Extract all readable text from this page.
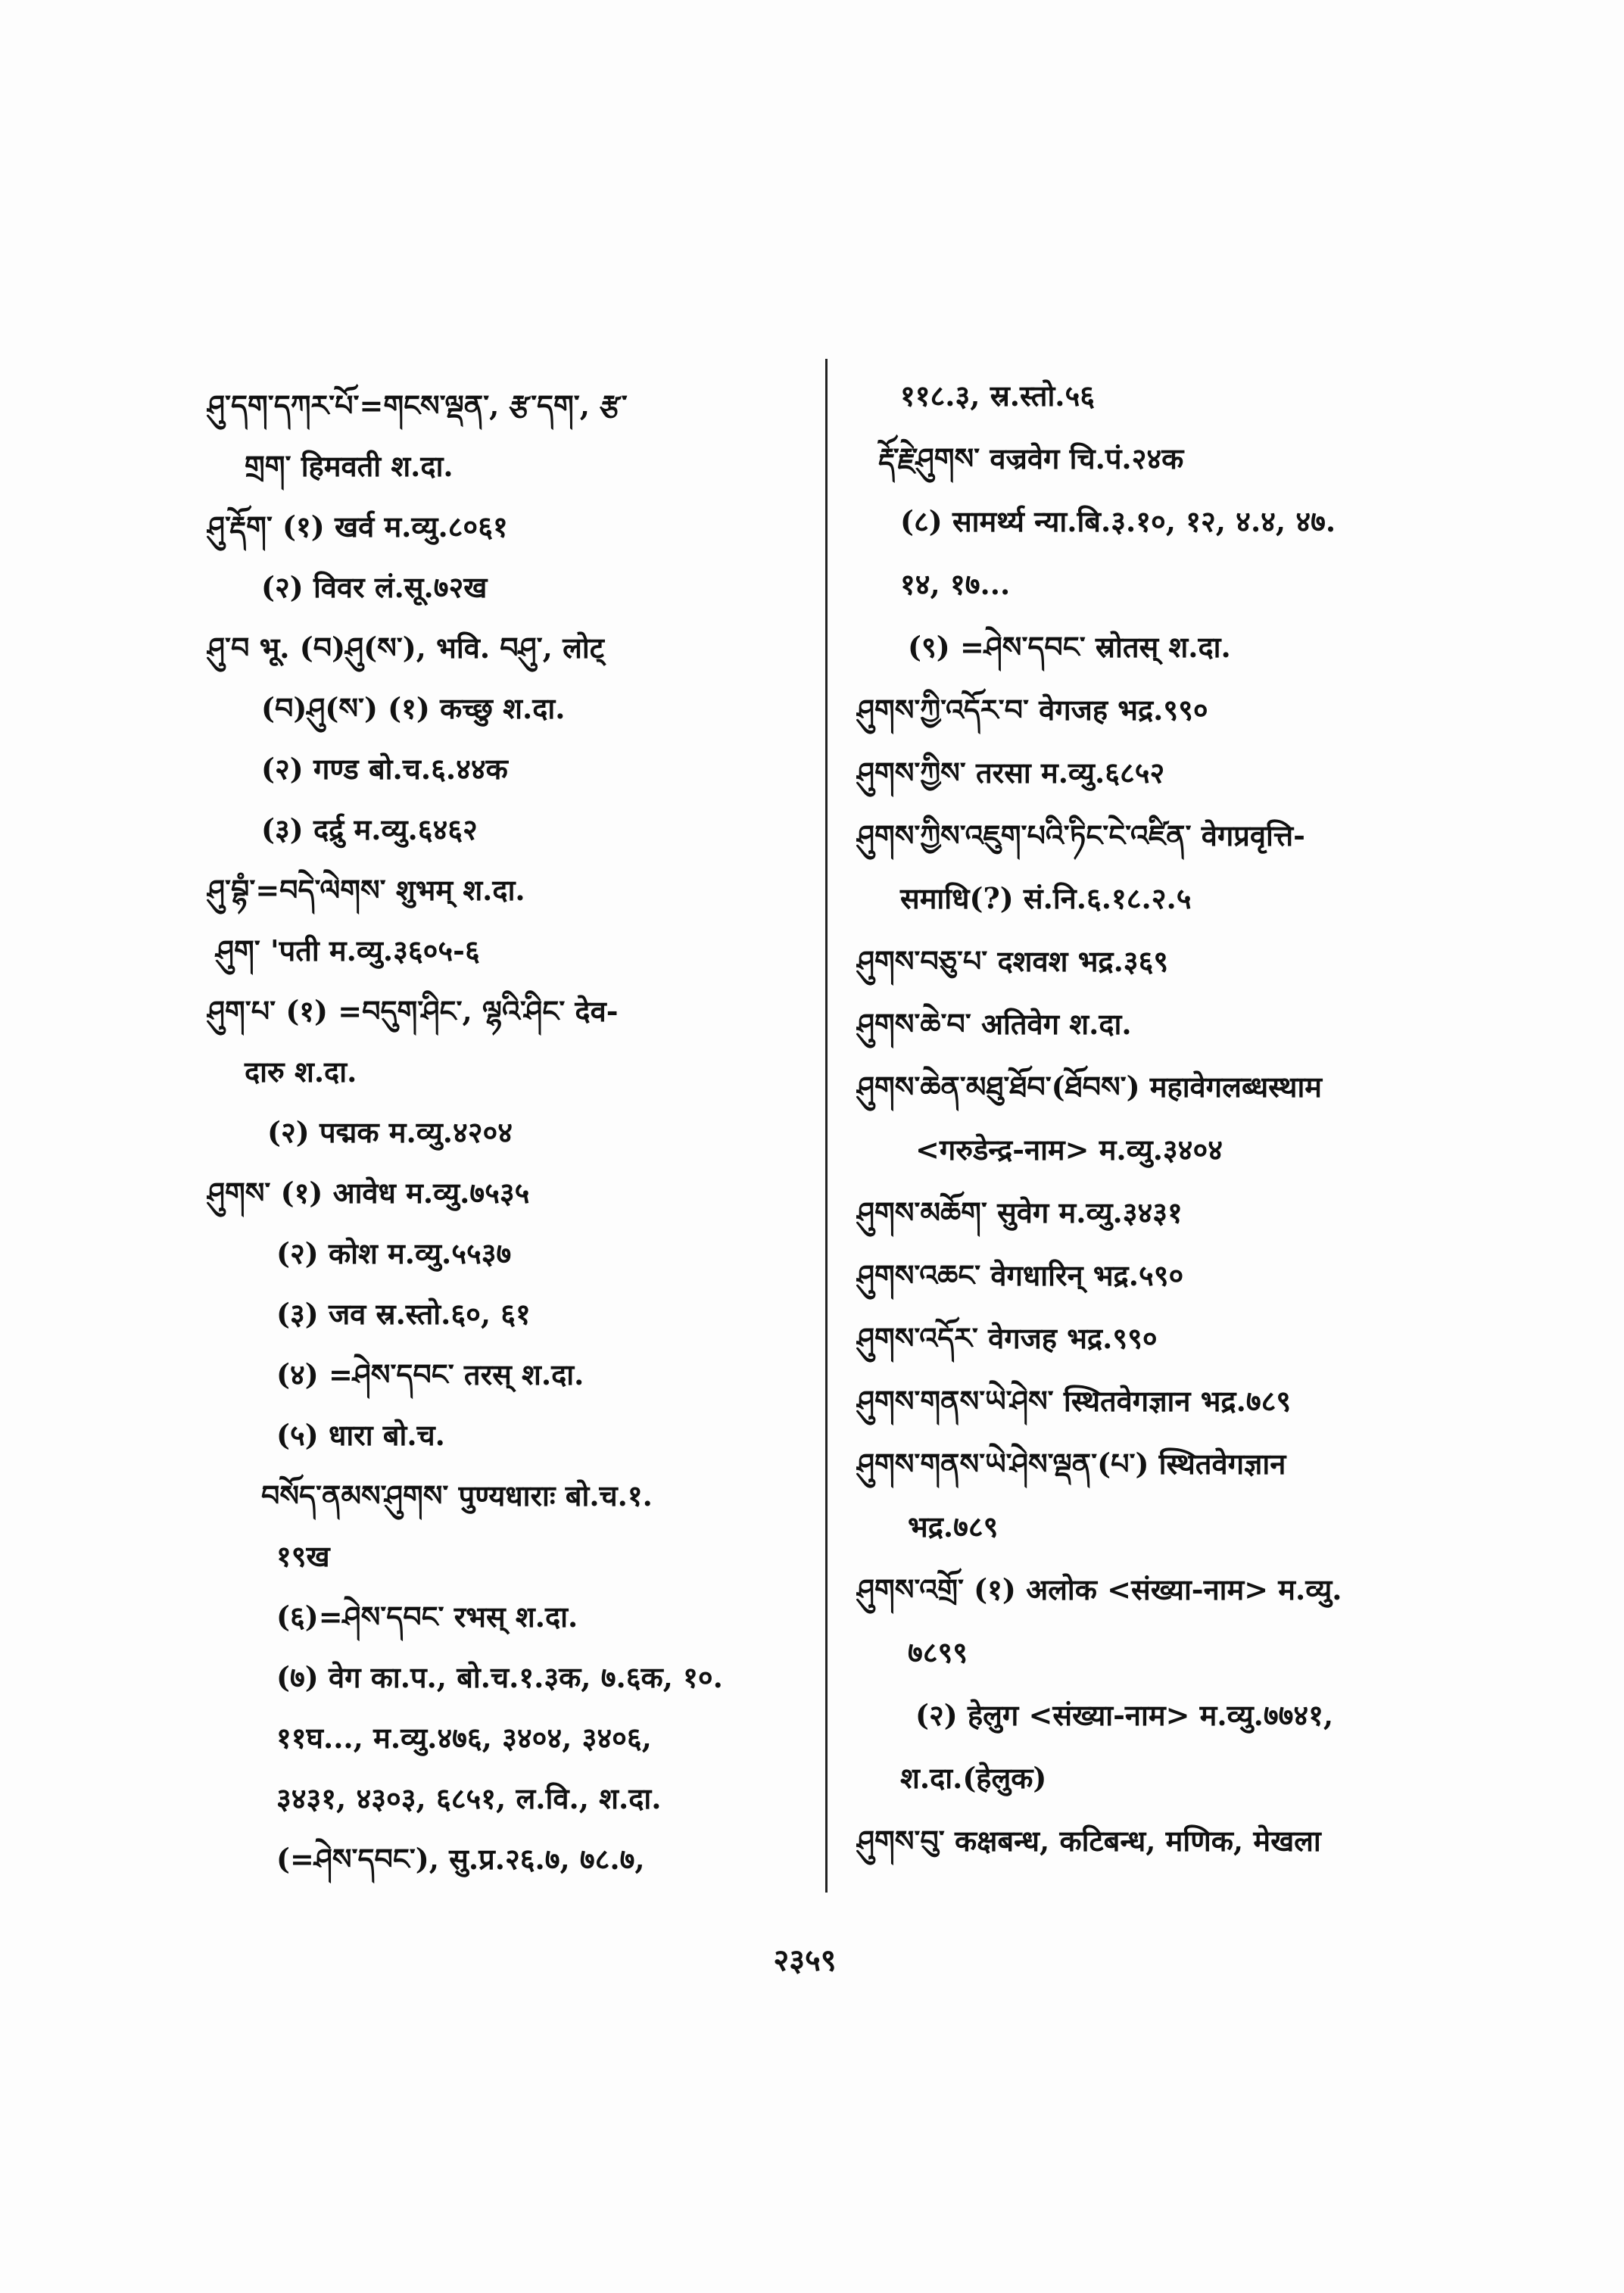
ཤུ་དག་དཀར་པོ་=གངས་ལྡན་, རྩ་དག་, རྩ་
གྲག་ हिमवती श.दा.
ཤུ་རྡོག་ (१) खर्व म.व्यु.८०६१
(२) विवर लं.सू.७२ख
ཤུ་བ भू. (བ)ཤུ(ས་), भवि. བཤུ་, लोट्
(བ)ཤུ(ས་) (१) कच्छु श.दा.
(२) गण्ड बो.च.६.४४क
(३) दर्द्रु म.व्यु.६४६२
ཤུ་བྷཾ་=བདེ་ལེགས་ शुभम् श.दा.
ཤུག་ 'पती म.व्यु.३६०५-६
ཤུག་པ་ (१) =བདུག་ཤིང་, ལྷའི་ཤིང་ देव-
दारु श.दा.
(२) पद्मक म.व्यु.४२०४
ཤུགས་ (१) आवेध म.व्यु.७५३५
(२) कोश म.व्यु.५५३७
(३) जव स्र.स्तो.६०, ६१
(४) =ཤེས་དབང་ तरस् श.दा.
(५) धारा बो.च.
བསོད་ནམས་ཤུགས་ पुण्यधाराः बो.च.१.
१९ख
(६)=ཤེས་དབང་ रभस् श.दा.
(७) वेग का.प., बो.च.१.३क, ७.६क, १०.
११घ..., म.व्यु.४७६, ३४०४, ३४०६,
३४३१, ४३०३, ६८५१, ल.वि., श.दा.
(=ཤེས་དབང་), सु.प्र.२६.७, ७८.७,
११८.३, स्र.स्तो.५६
རྡོ་རྗེ་ཤུགས་ वज्रवेग चि.पं.२४क
(८) सामर्थ्य न्या.बि.३.१०, १२, ४.४, ४७.
१४, १७...
(९) =ཤེས་དབང་ स्रोतस् श.दा.
ཤུགས་ཀྱི་འདོར་བ་ वेगजह भद्र.९९०
ཤུགས་ཀྱིས་ तरसा म.व्यु.६८५२
ཤུགས་ཀྱིས་འཇུག་པའི་ཏིང་ངེ་འཛིན་ वेगप्रवृत्ति-
समाधि(?) सं.नि.६.१८.२.५
ཤུགས་བཅུ་པ་ दशवश भद्र.३६९
ཤུགས་ཆེ་བ་ अतिवेग श.दा.
ཤུགས་ཆེན་མཐུ་ཐོབ་(ཐོབས་) महावेगलब्धस्थाम
<गरुडेन्द्र-नाम> म.व्यु.३४०४
ཤུགས་མཆོག་ सुवेग म.व्यु.३४३१
ཤུགས་འཆང་ वेगधारिन् भद्र.५९०
ཤུགས་འདོར་ वेगजह भद्र.९९०
ཤུགས་གནས་ཡེ་ཤེས་ स्थितवेगज्ञान भद्र.७८९
ཤུགས་གནས་ཡེ་ཤེས་ལྡན་(པ་) स्थितवेगज्ञान
भद्र.७८९
ཤུགས་འགྲོ་ (१) अलोक <संख्या-नाम> म.व्यु.
७८९९
(२) हेलुग <संख्या-नाम> म.व्यु.७७४१,
श.दा.(हेलुक)
ཤུགས་བུ་ कक्षबन्ध, कटिबन्ध, मणिक, मेखला
२३५९
